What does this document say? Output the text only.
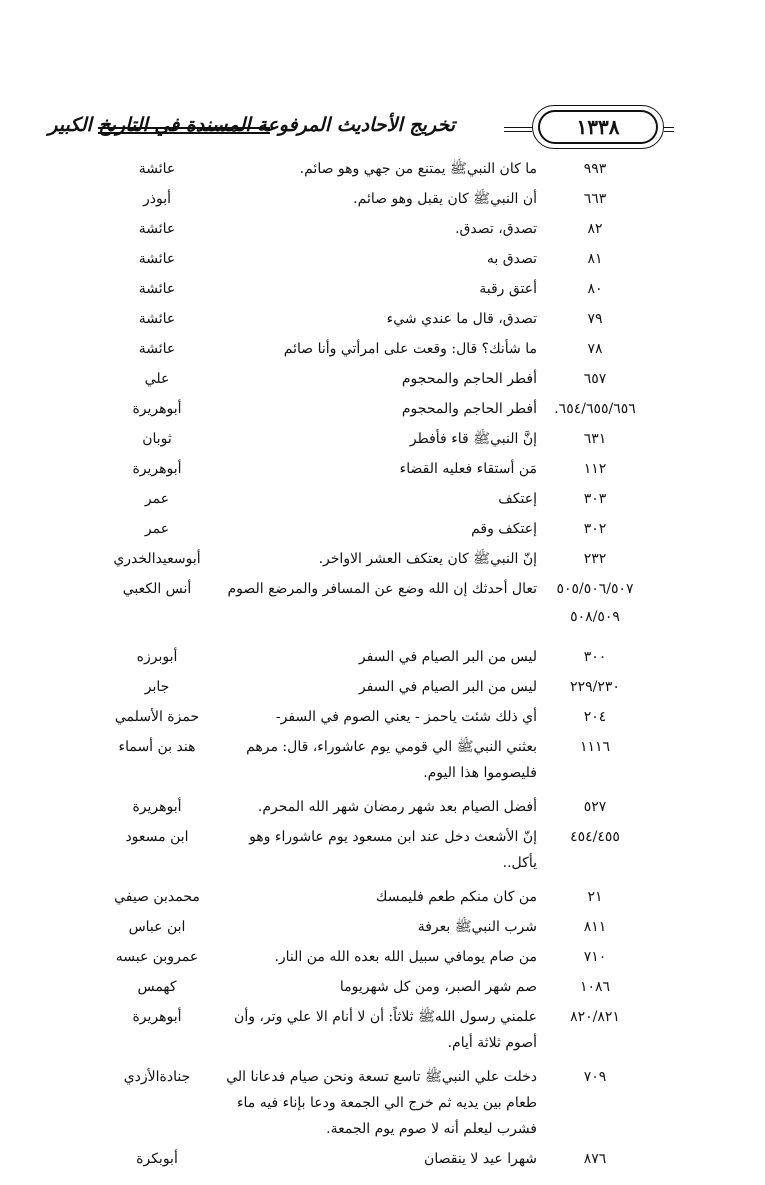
١٣٣٨
تخريج الأحاديث المرفوعة المسندة في التاريخ الكبير
٩٩٣
ما كان النبيﷺ يمتنع من جهي وهو صائم.
عائشة
٦٦٣
أن النبيﷺ كان يقبل وهو صائم.
أبوذر
٨٢
تصدق، تصدق.
عائشة
٨١
تصدق به
عائشة
٨٠
أعتق رقبة
عائشة
٧٩
تصدق، قال ما عندي شيء
عائشة
٧٨
ما شأنك؟ قال: وقعت على امرأتي وأنا صائم
عائشة
٦٥٧
أفطر الحاجم والمحجوم
علي
٦٥٤/٦٥٥/٦٥٦.
أفطر الحاجم والمحجوم
أبوهريرة
٦٣١
إنَّ النبيﷺ قاء فأفطر
ثوبان
١١٢
مَن أستقاء فعليه القضاء
أبوهريرة
٣٠٣
إعتكف
عمر
٣٠٢
إعتكف وقم
عمر
٢٣٢
إنّ النبيﷺ كان يعتكف العشر الاواخر.
أبوسعيدالخدري
٥٠٥/٥٠٦/٥٠٧
تعال أحدثك إن الله وضع عن المسافر والمرضع الصوم
أنس الكعبي
٥٠٨/٥٠٩
٣٠٠
ليس من البر الصيام في السفر
أبوبرزه
٢٢٩/٢٣٠
ليس من البر الصيام في السفر
جابر
٢٠٤
أي ذلك شئت ياحمز - يعني الصوم في السفر-
حمزة الأسلمي
١١١٦
بعثني النبيﷺ الي قومي يوم عاشوراء، قال: مرهم فليصوموا هذا اليوم.
هند بن أسماء
٥٢٧
أفضل الصيام بعد شهر رمضان شهر الله المحرم.
أبوهريرة
٤٥٤/٤٥٥
إنّ الأشعث دخل عند ابن مسعود يوم عاشوراء وهو يأكل..
ابن مسعود
٢١
من كان منكم طعم فليمسك
محمدبن صيفي
٨١١
شرب النبيﷺ بعرفة
ابن عباس
٧١٠
من صام يومافي سبيل الله بعده الله من النار.
عمروبن عبسه
١٠٨٦
صم شهر الصبر، ومن كل شهريوما
كهمس
٨٢٠/٨٢١
علمني رسول اللهﷺ ثلاثاً: أن لا أنام الا علي وتر، وأن أصوم ثلاثة أيام.
أبوهريرة
٧٠٩
دخلت علي النبيﷺ تاسع تسعة ونحن صيام فدعانا الي طعام بين يديه ثم خرج الي الجمعة ودعا بإناء فيه ماء فشرب ليعلم أنه لا صوم يوم الجمعة.
جنادةالأزدي
٨٧٦
شهرا عيد لا ينقصان
أبوبكرة
